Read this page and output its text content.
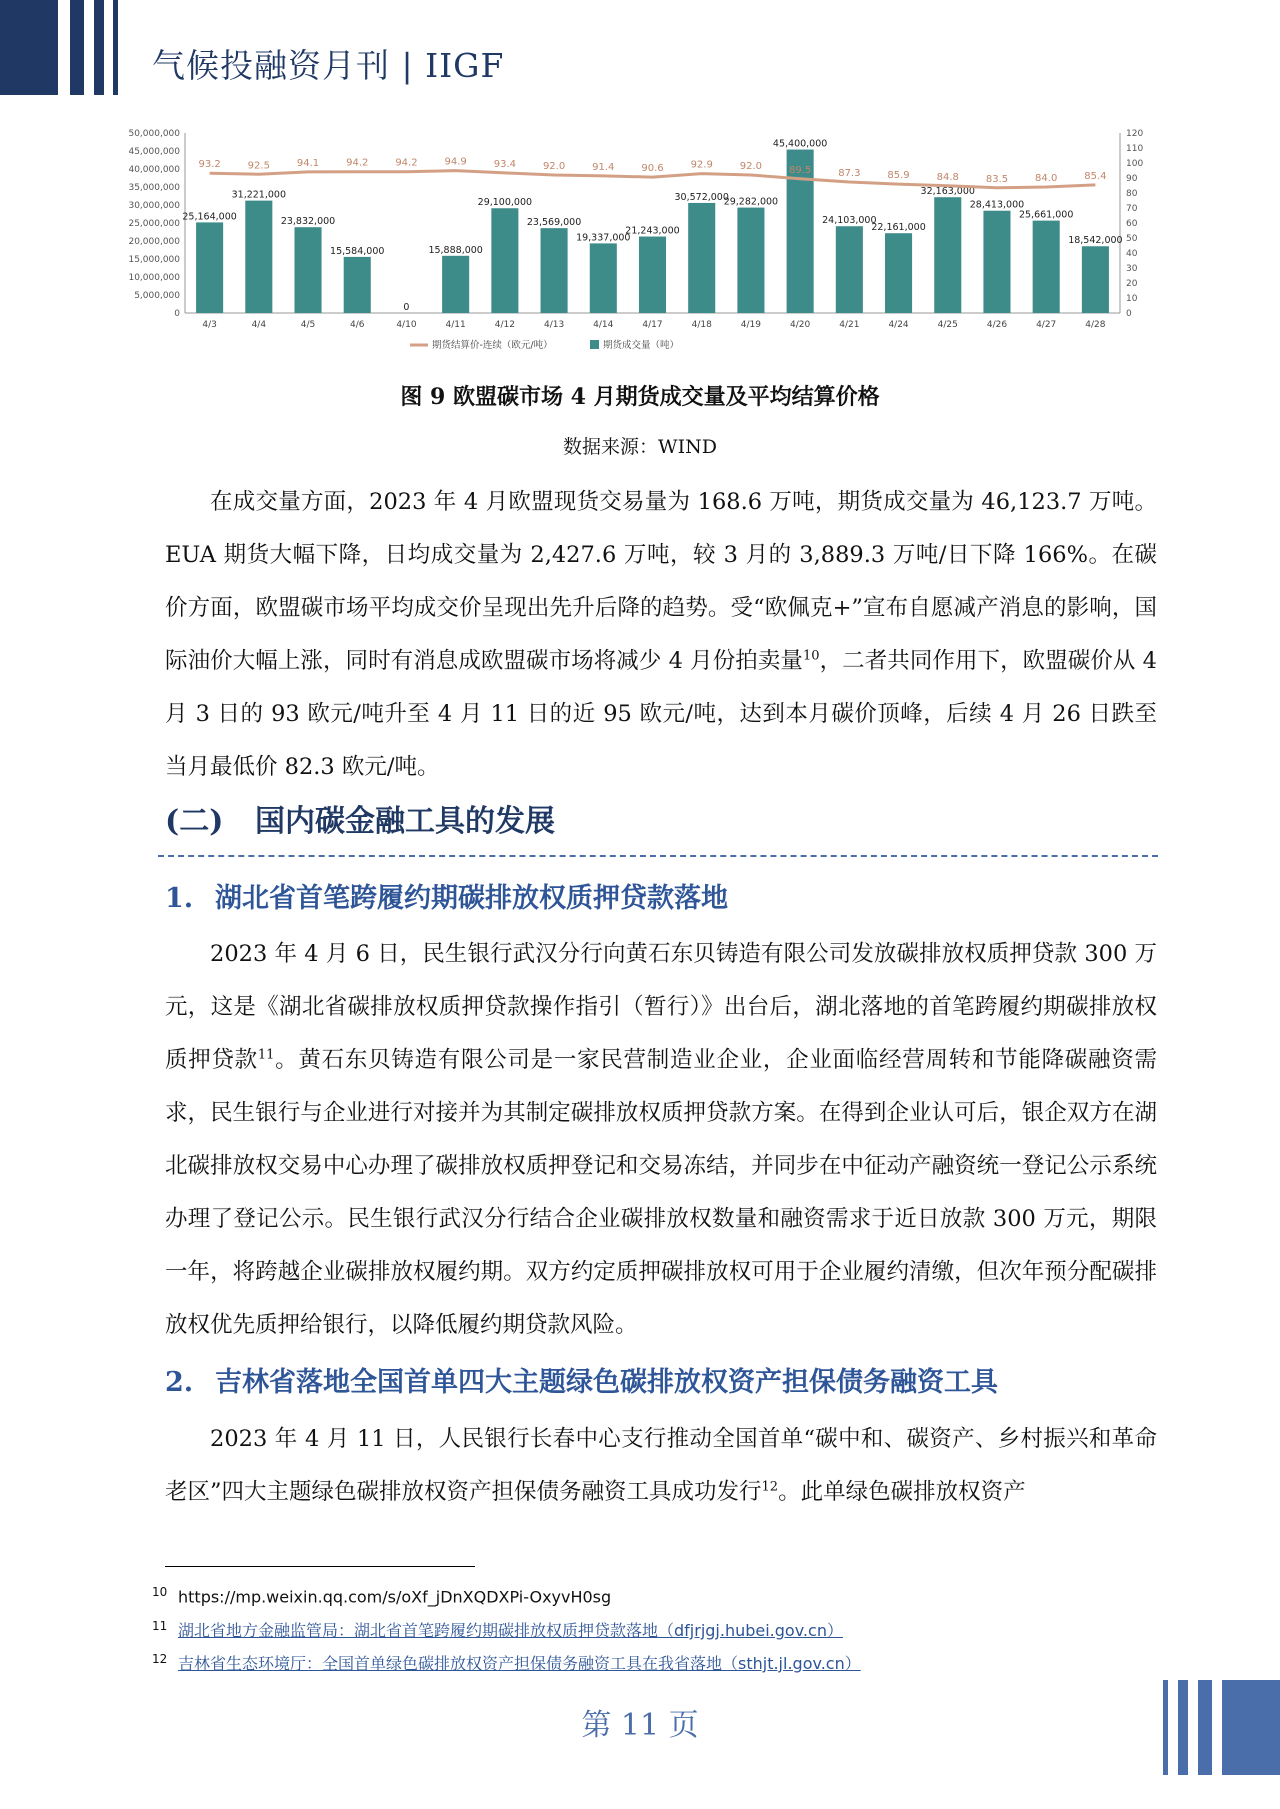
气候投融资月刊 | IIGF
0
5,000,000
10,000,000
15,000,000
20,000,000
25,000,000
30,000,000
35,000,000
40,000,000
45,000,000
50,000,000
0
10
20
30
40
50
60
70
80
90
100
110
120
25,164,000
4/3
31,221,000
4/4
23,832,000
4/5
15,584,000
4/6
0
4/10
15,888,000
4/11
29,100,000
4/12
23,569,000
4/13
19,337,000
4/14
21,243,000
4/17
30,572,000
4/18
29,282,000
4/19
45,400,000
4/20
24,103,000
4/21
22,161,000
4/24
32,163,000
4/25
28,413,000
4/26
25,661,000
4/27
18,542,000
4/28
93.2	92.5	94.1	94.2	94.2	94.9	93.4	92.0	91.4	90.6	92.9	92.0	89.5	87.3	85.9	84.8	83.5	84.0	85.4
期货结算价-连续（欧元/吨）	期货成交量（吨）
图 9 欧盟碳市场 4 月期货成交量及平均结算价格
数据来源：WIND

在成交量方面，2023 年 4 月欧盟现货交易量为 168.6 万吨，期货成交量为 46,123.7 万吨。EUA 期货大幅下降，日均成交量为 2,427.6 万吨，较 3 月的 3,889.3 万吨/日下降 166%。在碳价方面，欧盟碳市场平均成交价呈现出先升后降的趋势。受“欧佩克+”宣布自愿减产消息的影响，国际油价大幅上涨，同时有消息成欧盟碳市场将减少 4 月份拍卖量$^{10}$，二者共同作用下，欧盟碳价从 4 月 3 日的 93 欧元/吨升至 4 月 11 日的近 95 欧元/吨，达到本月碳价顶峰，后续 4 月 26 日跌至当月最低价 82.3 欧元/吨。

(二) 国内碳金融工具的发展
1. 湖北省首笔跨履约期碳排放权质押贷款落地

2023 年 4 月 6 日，民生银行武汉分行向黄石东贝铸造有限公司发放碳排放权质押贷款 300 万元，这是《湖北省碳排放权质押贷款操作指引（暂行）》出台后，湖北落地的首笔跨履约期碳排放权质押贷款$^{11}$。黄石东贝铸造有限公司是一家民营制造业企业，企业面临经营周转和节能降碳融资需求，民生银行与企业进行对接并为其制定碳排放权质押贷款方案。在得到企业认可后，银企双方在湖北碳排放权交易中心办理了碳排放权质押登记和交易冻结，并同步在中征动产融资统一登记公示系统办理了登记公示。民生银行武汉分行结合企业碳排放权数量和融资需求于近日放款 300 万元，期限一年，将跨越企业碳排放权履约期。双方约定质押碳排放权可用于企业履约清缴，但次年预分配碳排放权优先质押给银行，以降低履约期贷款风险。

2. 吉林省落地全国首单四大主题绿色碳排放权资产担保债务融资工具

2023 年 4 月 11 日，人民银行长春中心支行推动全国首单“碳中和、碳资产、乡村振兴和革命老区”四大主题绿色碳排放权资产担保债务融资工具成功发行$^{12}$。此单绿色碳排放权资产

10 https://mp.weixin.qq.com/s/oXf_jDnXQDXPi-OxyvH0sg
11 湖北省地方金融监管局：湖北省首笔跨履约期碳排放权质押贷款落地（dfjrjgj.hubei.gov.cn）
12 吉林省生态环境厅：全国首单绿色碳排放权资产担保债务融资工具在我省落地（sthjt.jl.gov.cn）
第 11 页
